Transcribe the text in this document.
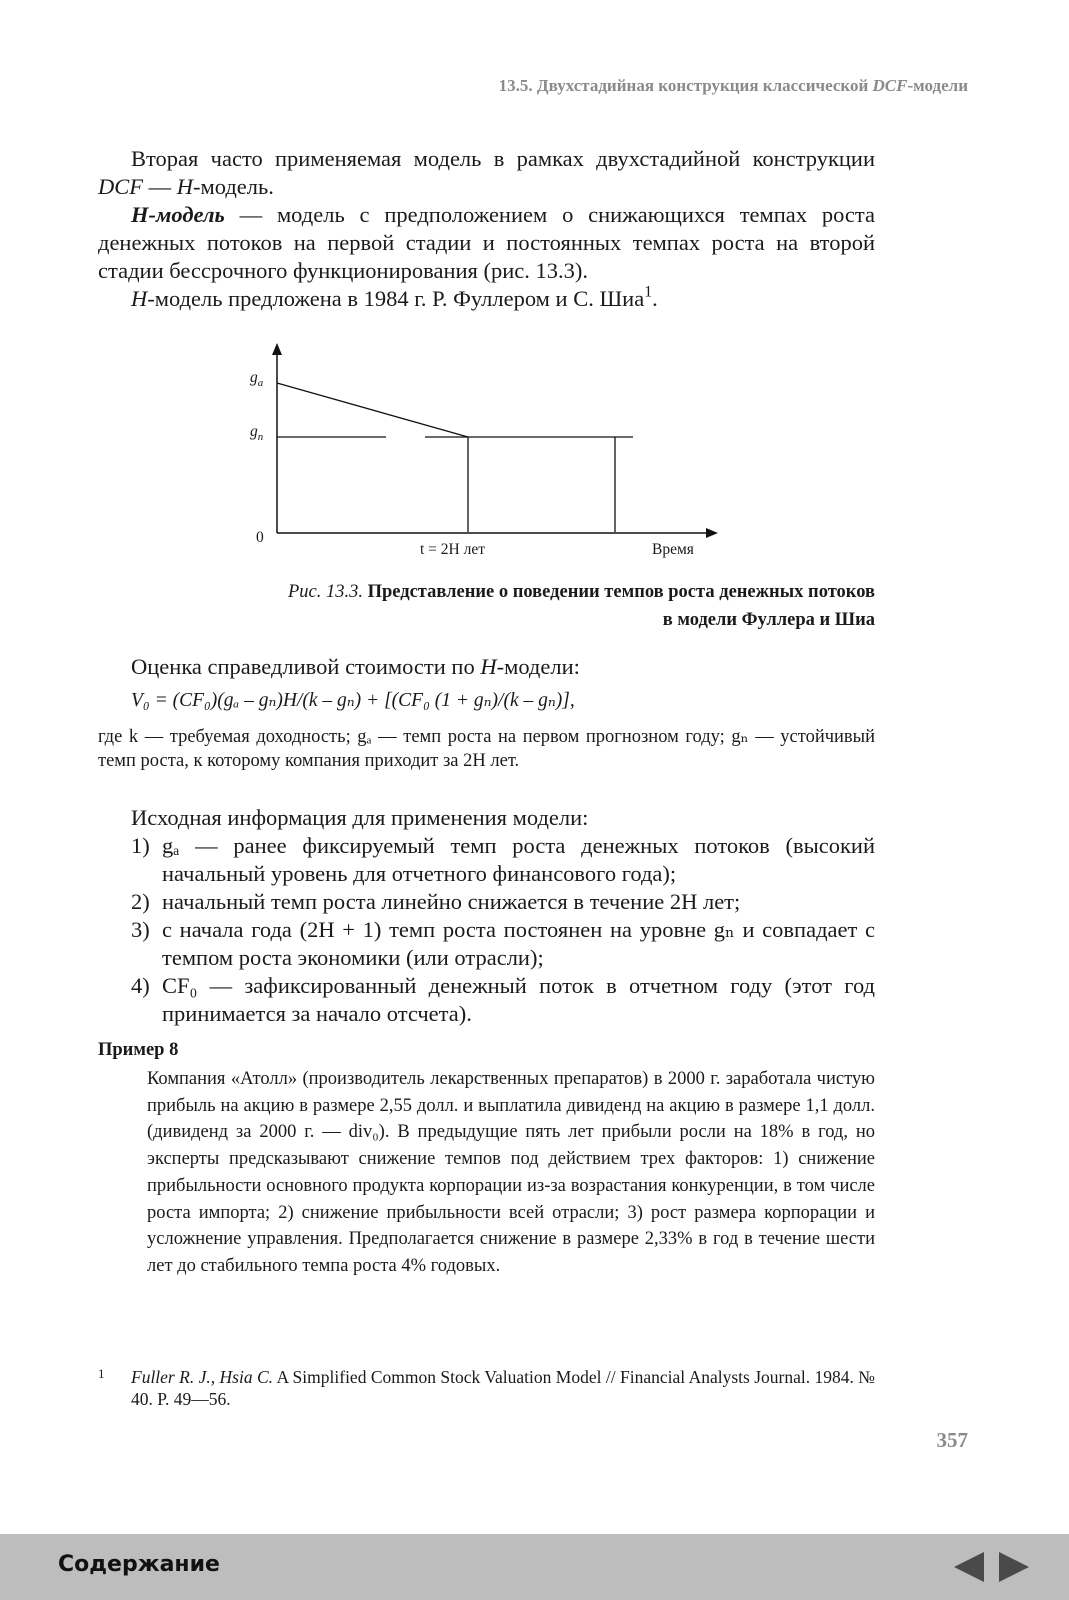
13.5. Двухстадийная конструкция классической DCF-модели

Вторая часто применяемая модель в рамках двухстадийной конструкции DCF — H-модель.

H-модель — модель с предположением о снижающихся темпах роста денежных потоков на первой стадии и постоянных темпах роста на второй стадии бессрочного функционирования (рис. 13.3).

H-модель предложена в 1984 г. Р. Фуллером и С. Шиа$^1$.

$g_a$
$g_n$
0
t = 2H лет	Время
Рис. 13.3. Представление о поведении темпов роста денежных потоков
в модели Фуллера и Шиа

Оценка справедливой стоимости по H-модели:

V₀ = (CF₀)(gₐ – gₙ)H/(k – gₙ) + [(CF₀ (1 + gₙ)/(k – gₙ)],

где k — требуемая доходность; gₐ — темп роста на первом прогнозном году; gₙ — устойчивый темп роста, к которому компания приходит за 2H лет.

Исходная информация для применения модели:

1) gₐ — ранее фиксируемый темп роста денежных потоков (высокий начальный уровень для отчетного финансового года);
2) начальный темп роста линейно снижается в течение 2H лет;
3) с начала года (2H + 1) темп роста постоянен на уровне gₙ и совпадает с темпом роста экономики (или отрасли);
4) CF₀ — зафиксированный денежный поток в отчетном году (этот год принимается за начало отсчета).
Пример 8
Компания «Атолл» (производитель лекарственных препаратов) в 2000 г. заработала чистую прибыль на акцию в размере 2,55 долл. и выплатила дивиденд на акцию в размере 1,1 долл. (дивиденд за 2000 г. — div₀). В предыдущие пять лет прибыли росли на 18% в год, но эксперты предсказывают снижение темпов под действием трех факторов: 1) снижение прибыльности основного продукта корпорации из-за возрастания конкуренции, в том числе роста импорта; 2) снижение прибыльности всей отрасли; 3) рост размера корпорации и усложнение управления. Предполагается снижение в размере 2,33% в год в течение шести лет до стабильного темпа роста 4% годовых.
1 Fuller R. J., Hsia C. A Simplified Common Stock Valuation Model // Financial Analysts Journal. 1984. № 40. P. 49—56.
357
Содержание
